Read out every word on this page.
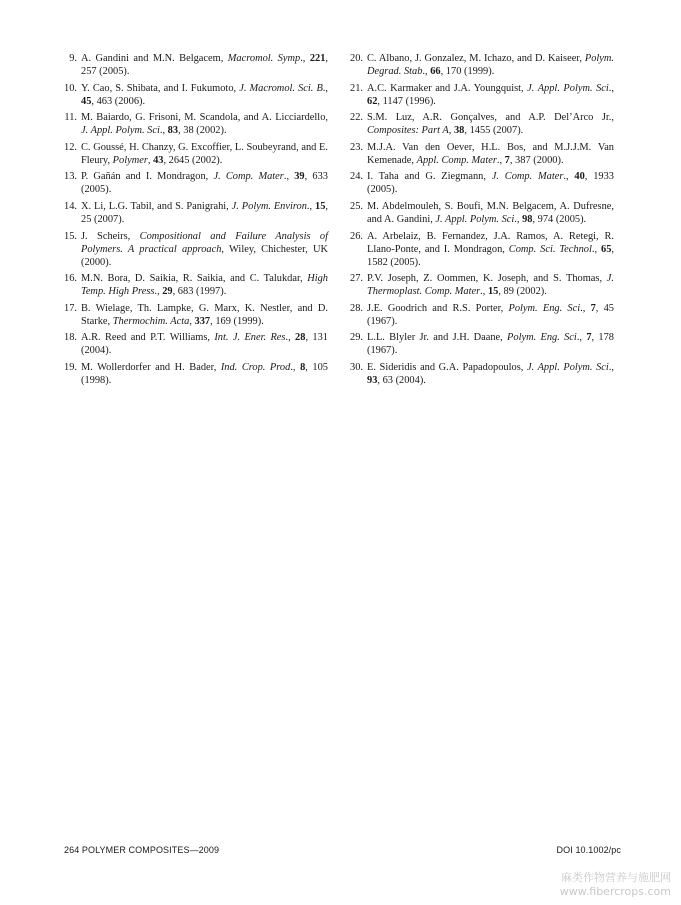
9. A. Gandini and M.N. Belgacem, Macromol. Symp., 221, 257 (2005).
10. Y. Cao, S. Shibata, and I. Fukumoto, J. Macromol. Sci. B., 45, 463 (2006).
11. M. Baiardo, G. Frisoni, M. Scandola, and A. Licciardello, J. Appl. Polym. Sci., 83, 38 (2002).
12. C. Goussé, H. Chanzy, G. Excoffier, L. Soubeyrand, and E. Fleury, Polymer, 43, 2645 (2002).
13. P. Gañán and I. Mondragon, J. Comp. Mater., 39, 633 (2005).
14. X. Li, L.G. Tabil, and S. Panigrahi, J. Polym. Environ., 15, 25 (2007).
15. J. Scheirs, Compositional and Failure Analysis of Polymers. A practical approach, Wiley, Chichester, UK (2000).
16. M.N. Bora, D. Saikia, R. Saikia, and C. Talukdar, High Temp. High Press., 29, 683 (1997).
17. B. Wielage, Th. Lampke, G. Marx, K. Nestler, and D. Starke, Thermochim. Acta, 337, 169 (1999).
18. A.R. Reed and P.T. Williams, Int. J. Ener. Res., 28, 131 (2004).
19. M. Wollerdorfer and H. Bader, Ind. Crop. Prod., 8, 105 (1998).
20. C. Albano, J. Gonzalez, M. Ichazo, and D. Kaiseer, Polym. Degrad. Stab., 66, 170 (1999).
21. A.C. Karmaker and J.A. Youngquist, J. Appl. Polym. Sci., 62, 1147 (1996).
22. S.M. Luz, A.R. Gonçalves, and A.P. Del’Arco Jr., Composites: Part A, 38, 1455 (2007).
23. M.J.A. Van den Oever, H.L. Bos, and M.J.J.M. Van Kemenade, Appl. Comp. Mater., 7, 387 (2000).
24. I. Taha and G. Ziegmann, J. Comp. Mater., 40, 1933 (2005).
25. M. Abdelmouleh, S. Boufi, M.N. Belgacem, A. Dufresne, and A. Gandini, J. Appl. Polym. Sci., 98, 974 (2005).
26. A. Arbelaiz, B. Fernandez, J.A. Ramos, A. Retegi, R. Llano-Ponte, and I. Mondragon, Comp. Sci. Technol., 65, 1582 (2005).
27. P.V. Joseph, Z. Oommen, K. Joseph, and S. Thomas, J. Thermoplast. Comp. Mater., 15, 89 (2002).
28. J.E. Goodrich and R.S. Porter, Polym. Eng. Sci., 7, 45 (1967).
29. L.L. Blyler Jr. and J.H. Daane, Polym. Eng. Sci., 7, 178 (1967).
30. E. Sideridis and G.A. Papadopoulos, J. Appl. Polym. Sci., 93, 63 (2004).
264 POLYMER COMPOSITES—2009	DOI 10.1002/pc
麻类作物营养与施肥网
www.fibercrops.com
